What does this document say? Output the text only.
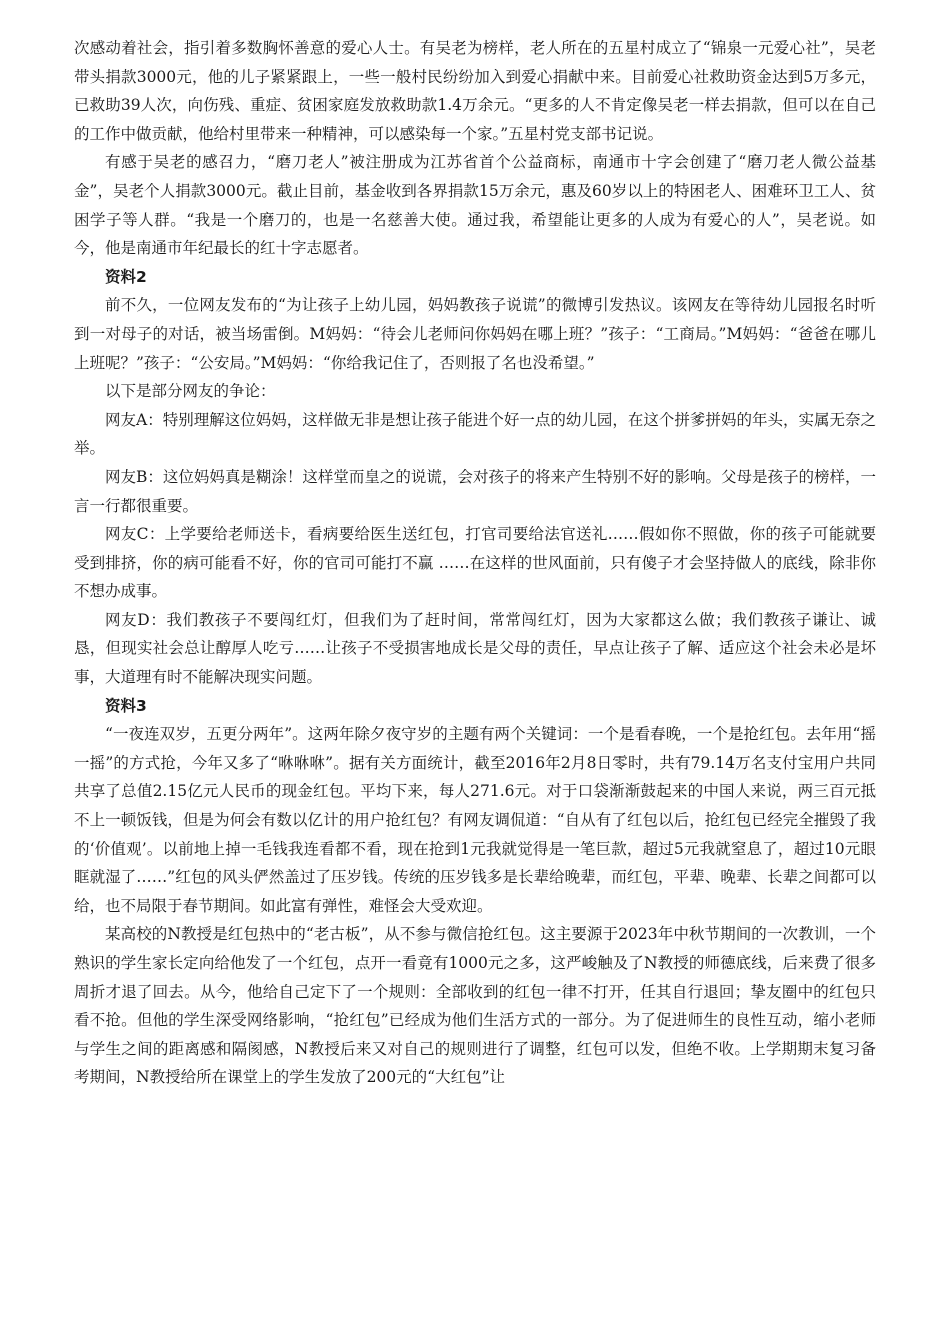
次感动着社会，指引着多数胸怀善意的爱心人士。有吴老为榜样，老人所在的五星村成立了“锦泉一元爱心社”，吴老带头捐款3000元，他的儿子紧紧跟上，一些一般村民纷纷加入到爱心捐献中来。目前爱心社救助资金达到5万多元，已救助39人次，向伤残、重症、贫困家庭发放救助款1.4万余元。“更多的人不肯定像吴老一样去捐款，但可以在自己的工作中做贡献，他给村里带来一种精神，可以感染每一个家。”五星村党支部书记说。

有感于吴老的感召力，“磨刀老人”被注册成为江苏省首个公益商标，南通市十字会创建了“磨刀老人微公益基金”，吴老个人捐款3000元。截止目前，基金收到各界捐款15万余元，惠及60岁以上的特困老人、困难环卫工人、贫困学子等人群。“我是一个磨刀的，也是一名慈善大使。通过我，希望能让更多的人成为有爱心的人”，吴老说。如今，他是南通市年纪最长的红十字志愿者。

资料2

前不久，一位网友发布的“为让孩子上幼儿园，妈妈教孩子说谎”的微博引发热议。该网友在等待幼儿园报名时听到一对母子的对话，被当场雷倒。M妈妈：“待会儿老师问你妈妈在哪上班？”孩子：“工商局。”M妈妈：“爸爸在哪儿上班呢？”孩子：“公安局。”M妈妈：“你给我记住了，否则报了名也没希望。”

以下是部分网友的争论：

网友A：特别理解这位妈妈，这样做无非是想让孩子能进个好一点的幼儿园，在这个拼爹拼妈的年头，实属无奈之举。

网友B：这位妈妈真是糊涂！这样堂而皇之的说谎，会对孩子的将来产生特别不好的影响。父母是孩子的榜样，一言一行都很重要。

网友C：上学要给老师送卡，看病要给医生送红包，打官司要给法官送礼……假如你不照做，你的孩子可能就要受到排挤，你的病可能看不好，你的官司可能打不赢 ……在这样的世风面前，只有傻子才会坚持做人的底线，除非你不想办成事。

网友D：我们教孩子不要闯红灯，但我们为了赶时间，常常闯红灯，因为大家都这么做；我们教孩子谦让、诚恳，但现实社会总让醇厚人吃亏……让孩子不受损害地成长是父母的责任，早点让孩子了解、适应这个社会未必是坏事，大道理有时不能解决现实问题。

资料3

“一夜连双岁，五更分两年”。这两年除夕夜守岁的主题有两个关键词：一个是看春晚，一个是抢红包。去年用“摇一摇”的方式抢，今年又多了“咻咻咻”。据有关方面统计，截至2016年2月8日零时，共有79.14万名支付宝用户共同共享了总值2.15亿元人民币的现金红包。平均下来，每人271.6元。对于口袋渐渐鼓起来的中国人来说，两三百元抵不上一顿饭钱，但是为何会有数以亿计的用户抢红包？有网友调侃道：“自从有了红包以后，抢红包已经完全摧毁了我的‘价值观’。以前地上掉一毛钱我连看都不看，现在抢到1元我就觉得是一笔巨款，超过5元我就窒息了，超过10元眼眶就湿了……”红包的风头俨然盖过了压岁钱。传统的压岁钱多是长辈给晚辈，而红包，平辈、晚辈、长辈之间都可以给，也不局限于春节期间。如此富有弹性，难怪会大受欢迎。

某高校的N教授是红包热中的“老古板”，从不参与微信抢红包。这主要源于2023年中秋节期间的一次教训，一个熟识的学生家长定向给他发了一个红包，点开一看竟有1000元之多，这严峻触及了N教授的师德底线，后来费了很多周折才退了回去。从今，他给自己定下了一个规则：全部收到的红包一律不打开，任其自行退回；挚友圈中的红包只看不抢。但他的学生深受网络影响，“抢红包”已经成为他们生活方式的一部分。为了促进师生的良性互动，缩小老师与学生之间的距离感和隔阂感，N教授后来又对自己的规则进行了调整，红包可以发，但绝不收。上学期期末复习备考期间，N教授给所在课堂上的学生发放了200元的“大红包”让
